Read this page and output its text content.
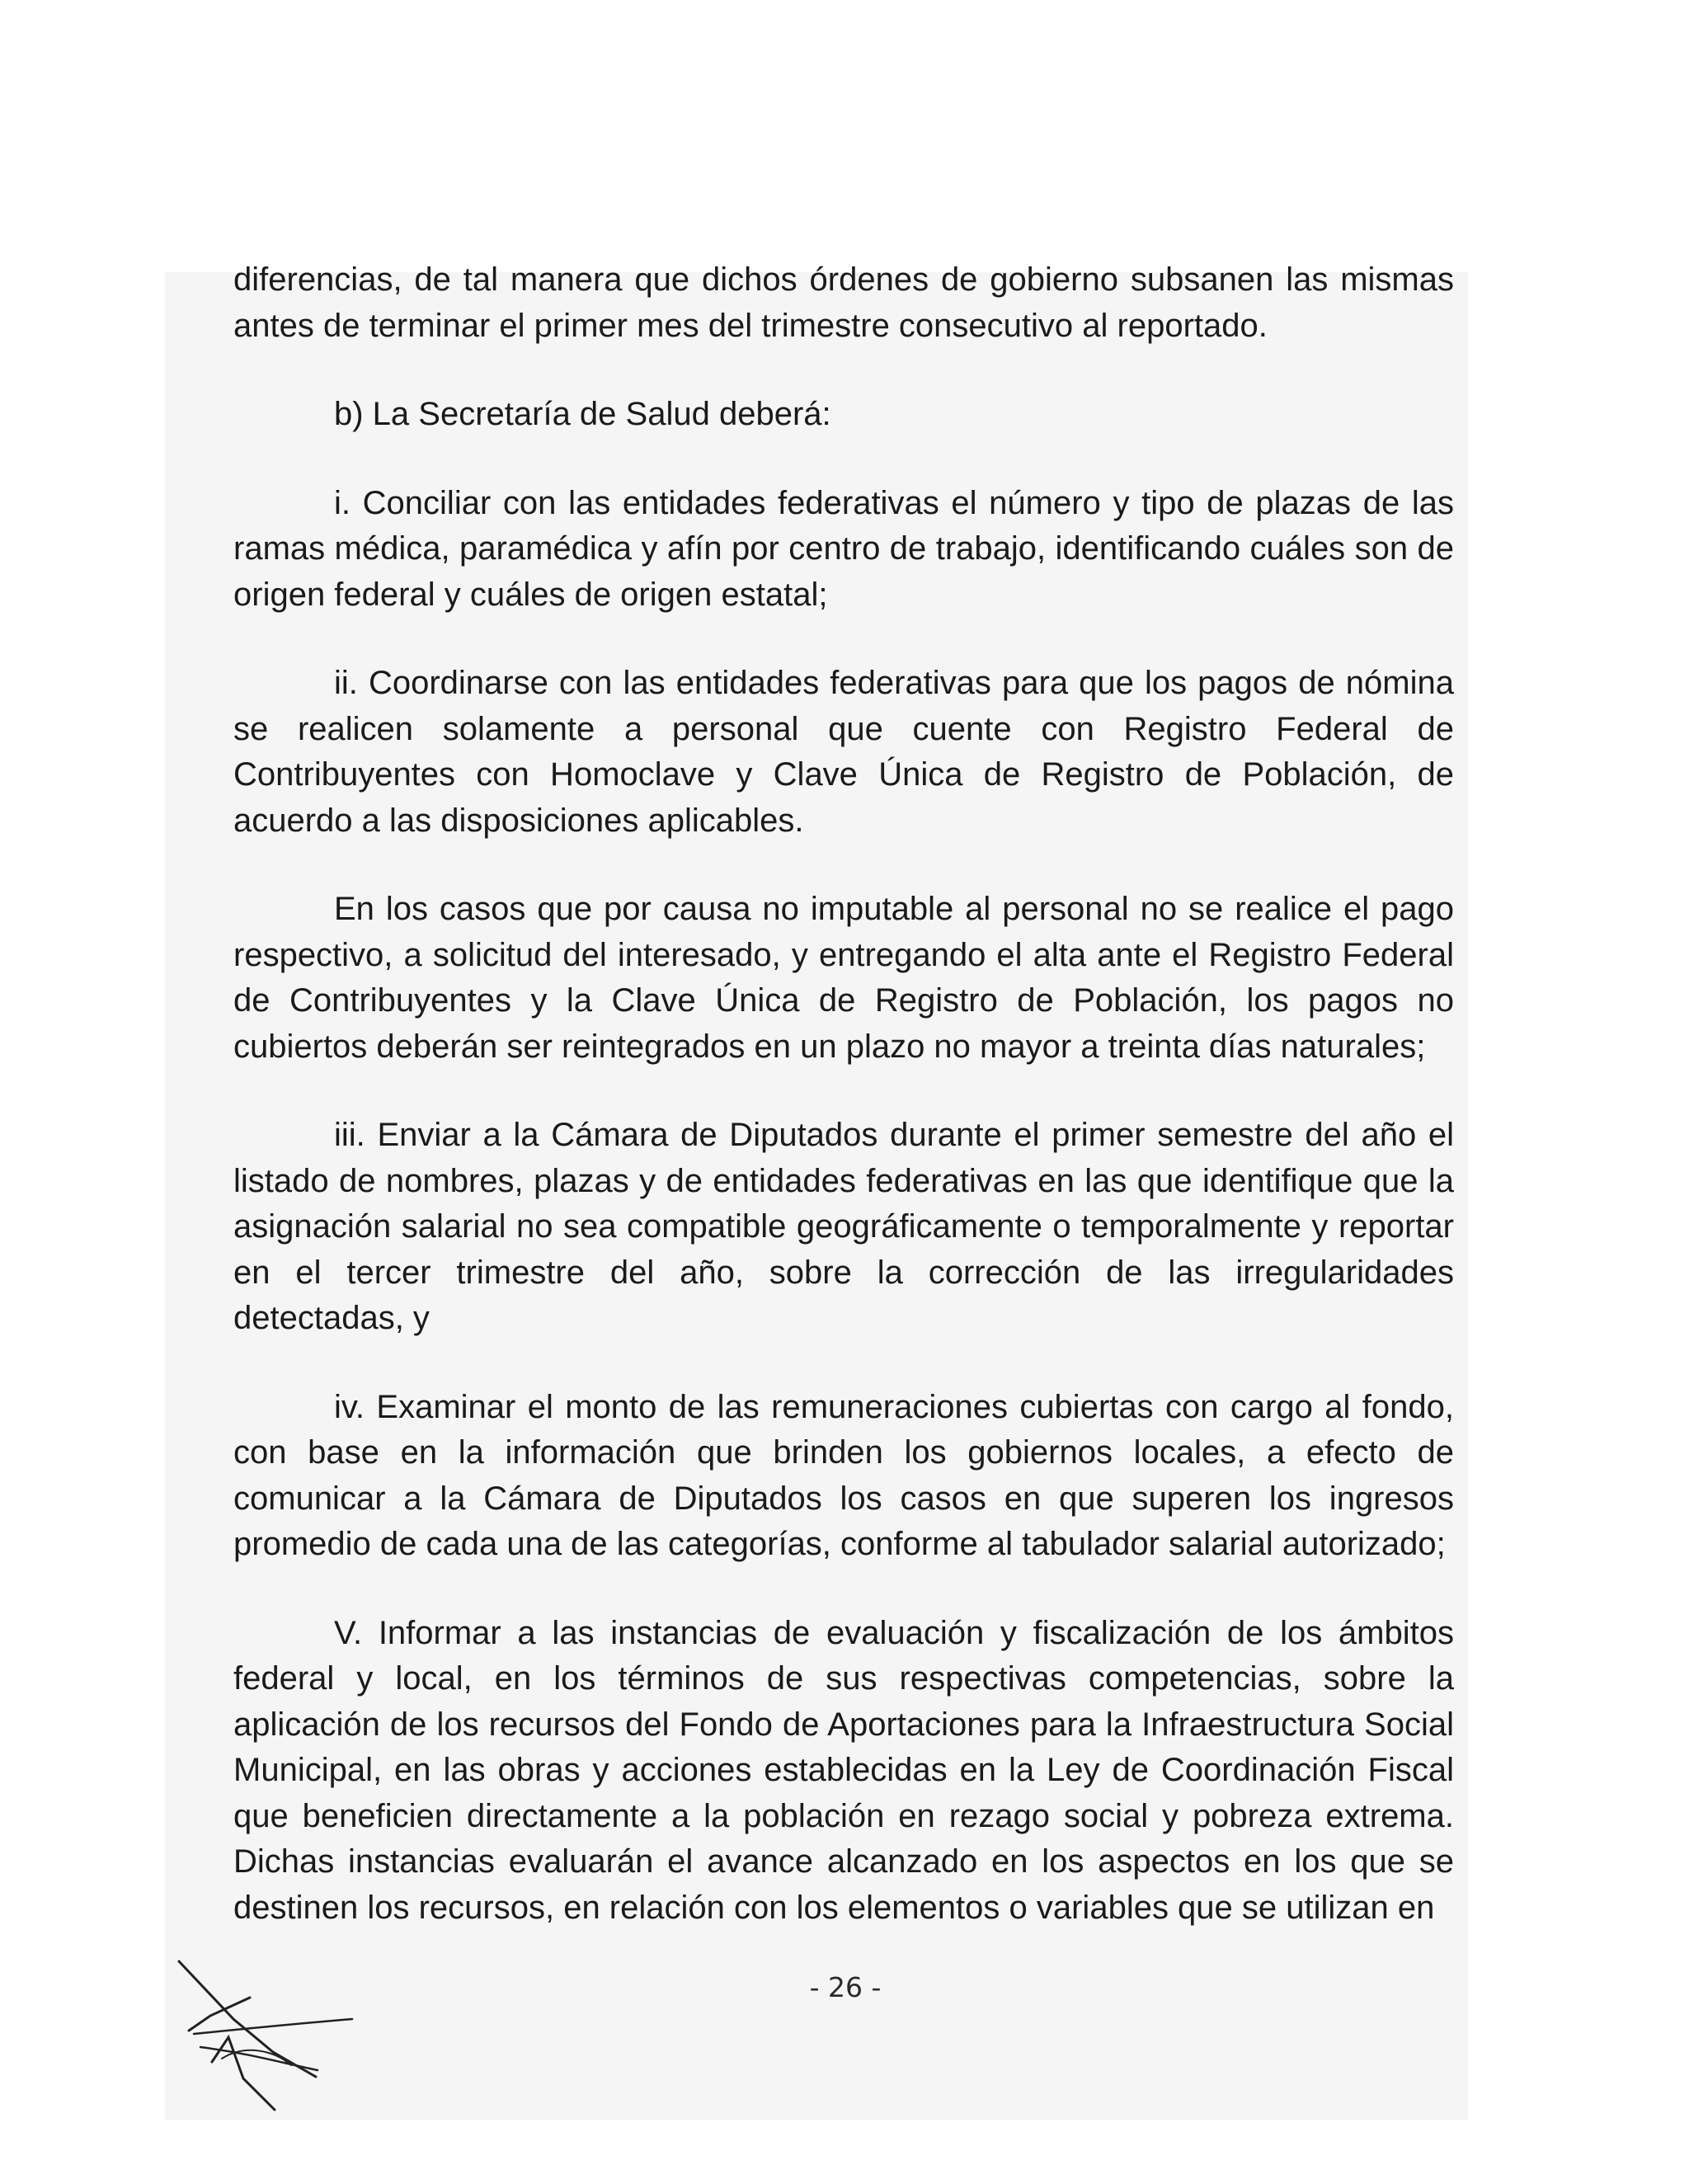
diferencias, de tal manera que dichos órdenes de gobierno subsanen las mismas antes de terminar el primer mes del trimestre consecutivo al reportado.

b) La Secretaría de Salud deberá:

i. Conciliar con las entidades federativas el número y tipo de plazas de las ramas médica, paramédica y afín por centro de trabajo, identificando cuáles son de origen federal y cuáles de origen estatal;

ii. Coordinarse con las entidades federativas para que los pagos de nómina se realicen solamente a personal que cuente con Registro Federal de Contribuyentes con Homoclave y Clave Única de Registro de Población, de acuerdo a las disposiciones aplicables.

En los casos que por causa no imputable al personal no se realice el pago respectivo, a solicitud del interesado, y entregando el alta ante el Registro Federal de Contribuyentes y la Clave Única de Registro de Población, los pagos no cubiertos deberán ser reintegrados en un plazo no mayor a treinta días naturales;

iii. Enviar a la Cámara de Diputados durante el primer semestre del año el listado de nombres, plazas y de entidades federativas en las que identifique que la asignación salarial no sea compatible geográficamente o temporalmente y reportar en el tercer trimestre del año, sobre la corrección de las irregularidades detectadas, y

iv. Examinar el monto de las remuneraciones cubiertas con cargo al fondo, con base en la información que brinden los gobiernos locales, a efecto de comunicar a la Cámara de Diputados los casos en que superen los ingresos promedio de cada una de las categorías, conforme al tabulador salarial autorizado;

V. Informar a las instancias de evaluación y fiscalización de los ámbitos federal y local, en los términos de sus respectivas competencias, sobre la aplicación de los recursos del Fondo de Aportaciones para la Infraestructura Social Municipal, en las obras y acciones establecidas en la Ley de Coordinación Fiscal que beneficien directamente a la población en rezago social y pobreza extrema. Dichas instancias evaluarán el avance alcanzado en los aspectos en los que se destinen los recursos, en relación con los elementos o variables que se utilizan en

- 26 -
